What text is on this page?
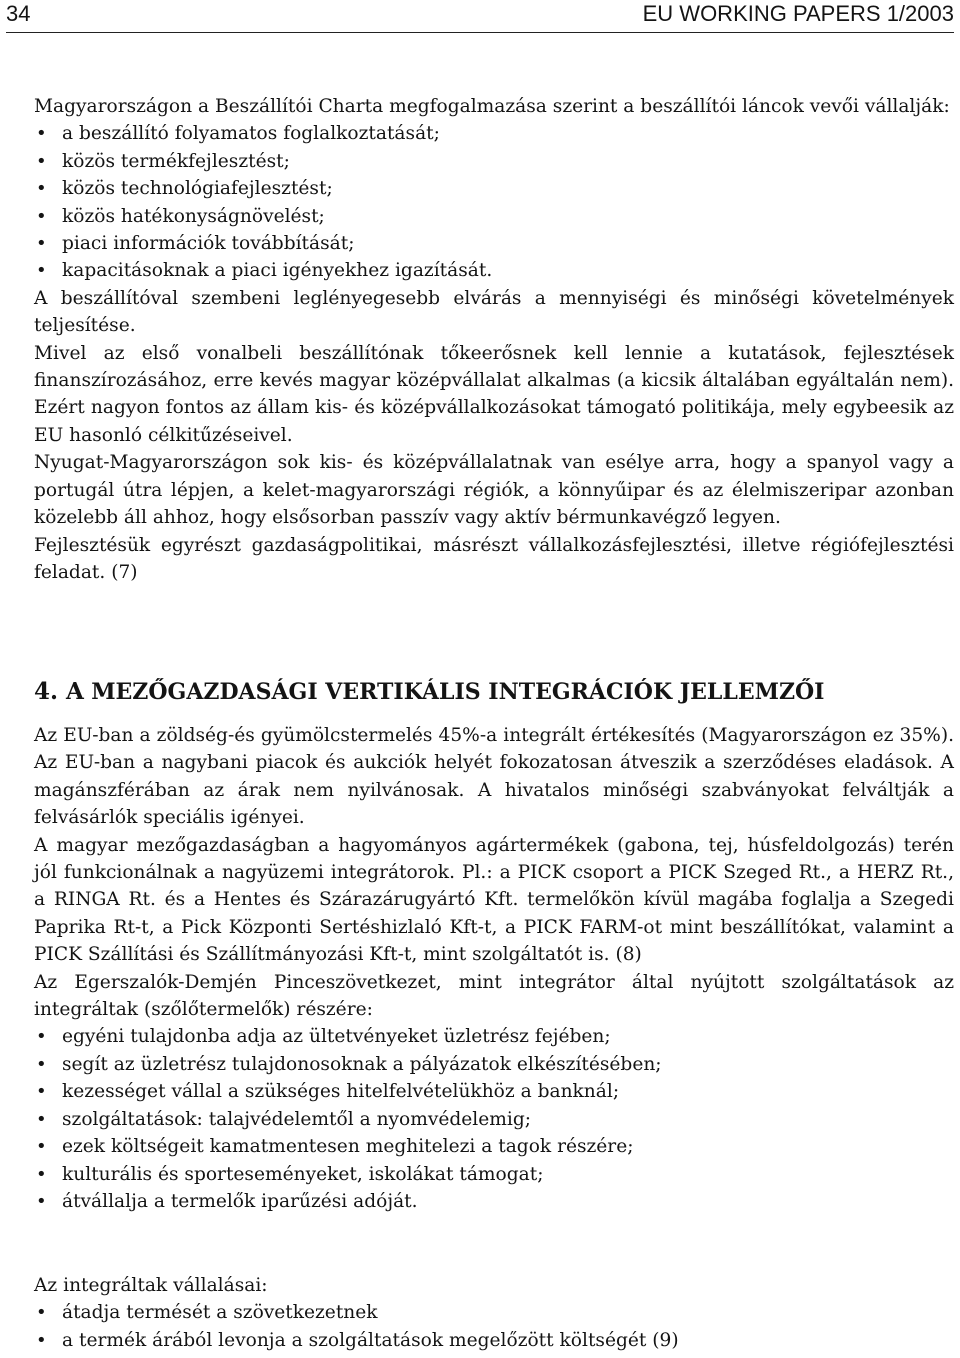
34	EU WORKING PAPERS 1/2003

Magyarországon a Beszállítói Charta megfogalmazása szerint a beszállítói láncok vevői vállalják:

• a beszállító folyamatos foglalkoztatását;
• közös termékfejlesztést;
• közös technológiafejlesztést;
• közös hatékonyságnövelést;
• piaci információk továbbítását;
• kapacitásoknak a piaci igényekhez igazítását.

A beszállítóval szembeni leglényegesebb elvárás a mennyiségi és minőségi követelmények teljesítése.

Mivel az első vonalbeli beszállítónak tőkeerősnek kell lennie a kutatások, fejlesztések finanszírozásához, erre kevés magyar középvállalat alkalmas (a kicsik általában egyáltalán nem). Ezért nagyon fontos az állam kis- és középvállalkozásokat támogató politikája, mely egybeesik az EU hasonló célkitűzéseivel.

Nyugat-Magyarországon sok kis- és középvállalatnak van esélye arra, hogy a spanyol vagy a portugál útra lépjen, a kelet-magyarországi régiók, a könnyűipar és az élelmiszeripar azonban közelebb áll ahhoz, hogy elsősorban passzív vagy aktív bérmunkavégző legyen.

Fejlesztésük egyrészt gazdaságpolitikai, másrészt vállalkozásfejlesztési, illetve régiófejlesztési feladat. (7)

4. A MEZŐGAZDASÁGI VERTIKÁLIS INTEGRÁCIÓK JELLEMZŐI

Az EU-ban a zöldség-és gyümölcstermelés 45%-a integrált értékesítés (Magyarországon ez 35%). Az EU-ban a nagybani piacok és aukciók helyét fokozatosan átveszik a szerződéses eladások. A magánszférában az árak nem nyilvánosak. A hivatalos minőségi szabványokat felváltják a felvásárlók speciális igényei.

A magyar mezőgazdaságban a hagyományos agártermékek (gabona, tej, húsfeldolgozás) terén jól funkcionálnak a nagyüzemi integrátorok. Pl.: a PICK csoport a PICK Szeged Rt., a HERZ Rt., a RINGA Rt. és a Hentes és Szárazárugyártó Kft. termelőkön kívül magába foglalja a Szegedi Paprika Rt-t, a Pick Központi Sertéshizlaló Kft-t, a PICK FARM-ot mint beszállítókat, valamint a PICK Szállítási és Szállítmányozási Kft-t, mint szolgáltatót is. (8)

Az Egerszalók-Demjén Pinceszövetkezet, mint integrátor által nyújtott szolgáltatások az integráltak (szőlőtermelők) részére:

• egyéni tulajdonba adja az ültetvényeket üzletrész fejében;
• segít az üzletrész tulajdonosoknak a pályázatok elkészítésében;
• kezességet vállal a szükséges hitelfelvételükhöz a banknál;
• szolgáltatások: talajvédelemtől a nyomvédelemig;
• ezek költségeit kamatmentesen meghitelezi a tagok részére;
• kulturális és sporteseményeket, iskolákat támogat;
• átvállalja a termelők iparűzési adóját.

Az integráltak vállalásai:

• átadja termését a szövetkezetnek
• a termék árából levonja a szolgáltatások megelőzött költségét (9)
